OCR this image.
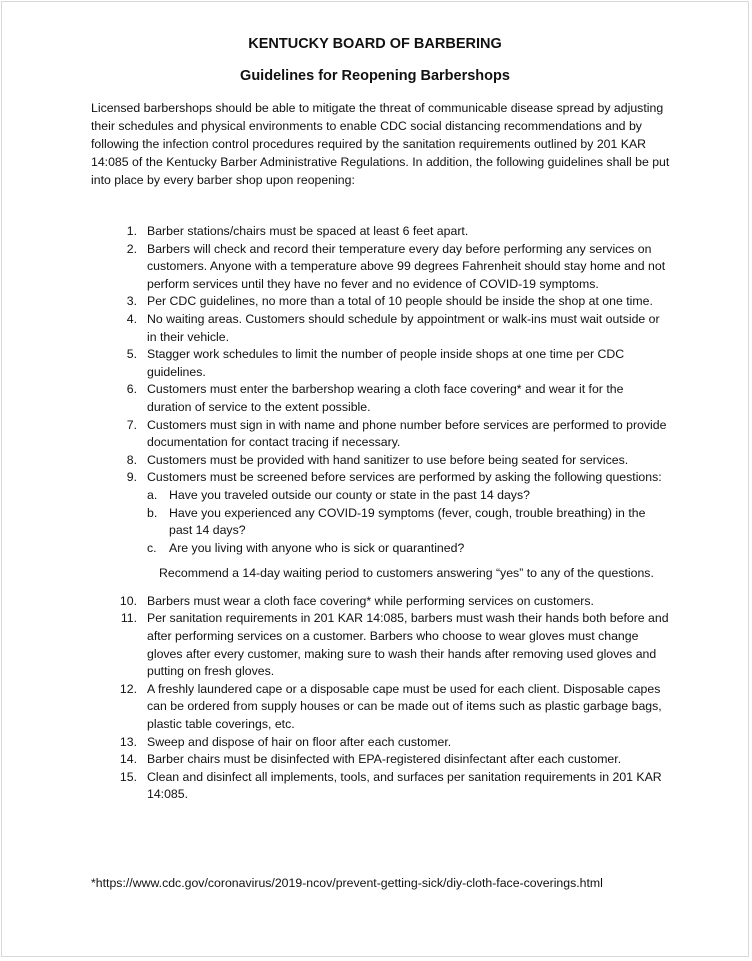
KENTUCKY BOARD OF BARBERING
Guidelines for Reopening Barbershops

Licensed barbershops should be able to mitigate the threat of communicable disease spread by adjusting their schedules and physical environments to enable CDC social distancing recommendations and by following the infection control procedures required by the sanitation requirements outlined by 201 KAR 14:085 of the Kentucky Barber Administrative Regulations. In addition, the following guidelines shall be put into place by every barber shop upon reopening:

1. Barber stations/chairs must be spaced at least 6 feet apart.
2. Barbers will check and record their temperature every day before performing any services on customers. Anyone with a temperature above 99 degrees Fahrenheit should stay home and not perform services until they have no fever and no evidence of COVID-19 symptoms.
3. Per CDC guidelines, no more than a total of 10 people should be inside the shop at one time.
4. No waiting areas. Customers should schedule by appointment or walk-ins must wait outside or in their vehicle.
5. Stagger work schedules to limit the number of people inside shops at one time per CDC guidelines.
6. Customers must enter the barbershop wearing a cloth face covering* and wear it for the duration of service to the extent possible.
7. Customers must sign in with name and phone number before services are performed to provide documentation for contact tracing if necessary.
8. Customers must be provided with hand sanitizer to use before being seated for services.
9. Customers must be screened before services are performed by asking the following questions:
a. Have you traveled outside our county or state in the past 14 days?
b. Have you experienced any COVID-19 symptoms (fever, cough, trouble breathing) in the past 14 days?
c.	Are you living with anyone who is sick or quarantined?
Recommend a 14-day waiting period to customers answering “yes” to any of the questions.
10. Barbers must wear a cloth face covering* while performing services on customers.
11. Per sanitation requirements in 201 KAR 14:085, barbers must wash their hands both before and after performing services on a customer. Barbers who choose to wear gloves must change gloves after every customer, making sure to wash their hands after removing used gloves and putting on fresh gloves.
12. A freshly laundered cape or a disposable cape must be used for each client. Disposable capes can be ordered from supply houses or can be made out of items such as plastic garbage bags, plastic table coverings, etc.
13. Sweep and dispose of hair on floor after each customer.
14. Barber chairs must be disinfected with EPA-registered disinfectant after each customer.
15. Clean and disinfect all implements, tools, and surfaces per sanitation requirements in 201 KAR 14:085.
*https://www.cdc.gov/coronavirus/2019-ncov/prevent-getting-sick/diy-cloth-face-coverings.html
